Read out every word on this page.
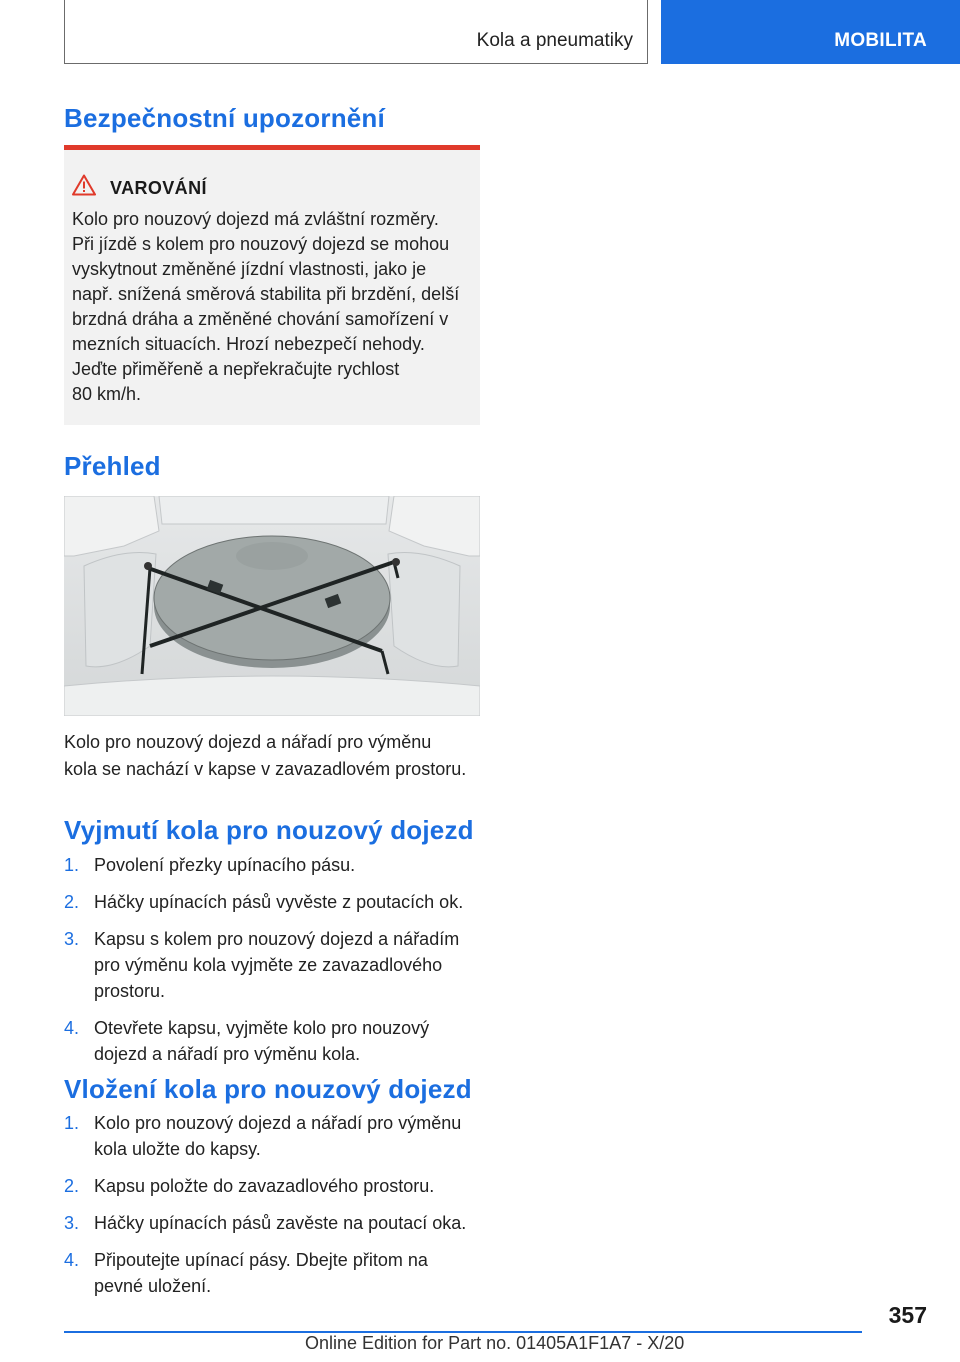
Kola a pneumatiky	MOBILITA
Bezpečnostní upozornění
VAROVÁNÍ
Kolo pro nouzový dojezd má zvláštní rozměry.
Při jízdě s kolem pro nouzový dojezd se mohou
vyskytnout změněné jízdní vlastnosti, jako je
např. snížená směrová stabilita při brzdění, delší
brzdná dráha a změněné chování samořízení v
mezních situacích. Hrozí nebezpečí nehody.
Jeďte přiměřeně a nepřekračujte rychlost
80 km/h.
Přehled
Kolo pro nouzový dojezd a nářadí pro výměnu
kola se nachází v kapse v zavazadlovém prostoru.
Vyjmutí kola pro nouzový dojezd
1. Povolení přezky upínacího pásu.
2. Háčky upínacích pásů vyvěste z poutacích ok.
3. Kapsu s kolem pro nouzový dojezd a nářadím
pro výměnu kola vyjměte ze zavazadlového
prostoru.
4. Otevřete kapsu, vyjměte kolo pro nouzový
dojezd a nářadí pro výměnu kola.
Vložení kola pro nouzový dojezd
1. Kolo pro nouzový dojezd a nářadí pro výměnu
kola uložte do kapsy.
2. Kapsu položte do zavazadlového prostoru.
3. Háčky upínacích pásů zavěste na poutací oka.
4. Připoutejte upínací pásy. Dbejte přitom na
pevné uložení.
357
Online Edition for Part no. 01405A1F1A7 - X/20
